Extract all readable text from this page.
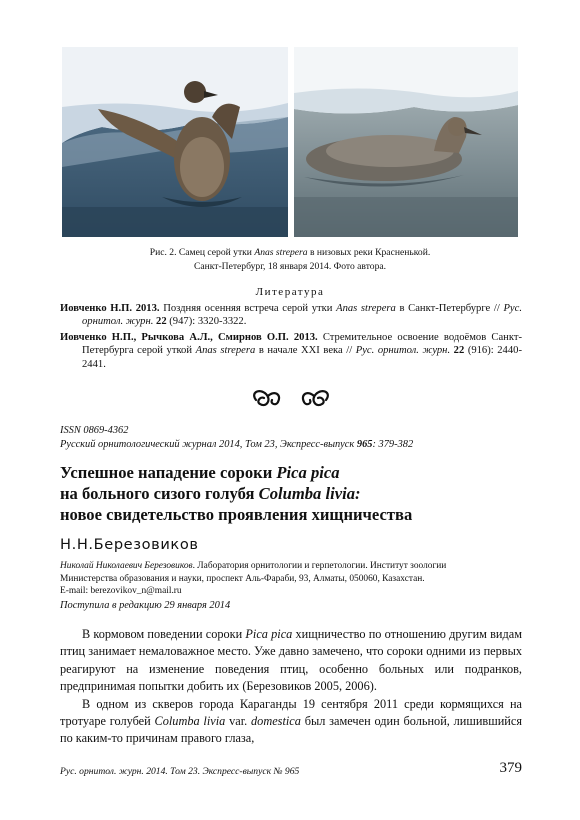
Рис. 2. Самец серой утки Anas strepera в низовых реки Красненькой.
Санкт-Петербург, 18 января 2014. Фото автора.
Литература

Иовченко Н.П. 2013. Поздняя осенняя встреча серой утки Anas strepera в Санкт-Петербурге // Рус. орнитол. журн. 22 (947): 3320-3322.

Иовченко Н.П., Рычкова А.Л., Смирнов О.П. 2013. Стремительное освоение водоёмов Санкт-Петербурга серой уткой Anas strepera в начале XXI века // Рус. орнитол. журн. 22 (916): 2440-2441.

ISSN 0869-4362
Русский орнитологический журнал 2014, Том 23, Экспресс-выпуск 965: 379-382
Успешное нападение сороки Pica pica
на больного сизого голубя Columba livia:
новое свидетельство проявления хищничества
Н.Н.Березовиков
Николай Николаевич Березовиков. Лаборатория орнитологии и герпетологии. Институт зоологии
Министерства образования и науки, проспект Аль-Фараби, 93, Алматы, 050060, Казахстан.
E-mail: berezovikov_n@mail.ru
Поступила в редакцию 29 января 2014

В кормовом поведении сороки Pica pica хищничество по отношению другим видам птиц занимает немаловажное место. Уже давно замечено, что сороки одними из первых реагируют на изменение поведения птиц, особенно больных или подранков, предпринимая попытки добить их (Березовиков 2005, 2006).

В одном из скверов города Караганды 19 сентября 2011 среди кормящихся на тротуаре голубей Columba livia var. domestica был замечен один больной, лишившийся по каким-то причинам правого глаза,

Рус. орнитол. журн. 2014. Том 23. Экспресс-выпуск № 965	379
